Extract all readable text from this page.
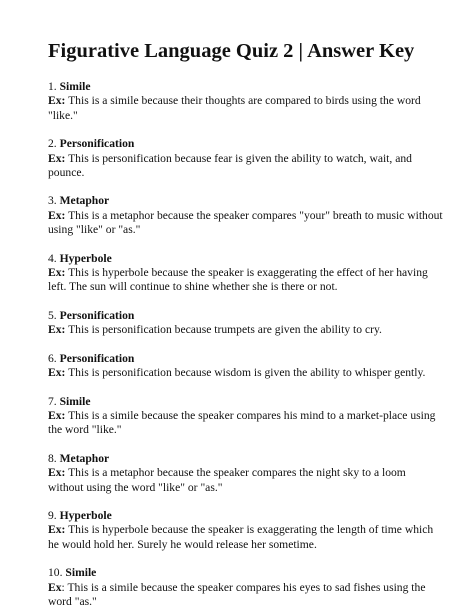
Figurative Language Quiz 2 | Answer Key
1. Simile
Ex: This is a simile because their thoughts are compared to birds using the word "like."
2. Personification
Ex: This is personification because fear is given the ability to watch, wait, and pounce.
3. Metaphor
Ex: This is a metaphor because the speaker compares "your" breath to music without using "like" or "as."
4. Hyperbole
Ex: This is hyperbole because the speaker is exaggerating the effect of her having left. The sun will continue to shine whether she is there or not.
5. Personification
Ex: This is personification because trumpets are given the ability to cry.
6. Personification
Ex: This is personification because wisdom is given the ability to whisper gently.
7. Simile
Ex: This is a simile because the speaker compares his mind to a market-place using the word "like."
8. Metaphor
Ex: This is a metaphor because the speaker compares the night sky to a loom without using the word "like" or "as."
9. Hyperbole
Ex: This is hyperbole because the speaker is exaggerating the length of time which he would hold her. Surely he would release her sometime.
10. Simile
Ex: This is a simile because the speaker compares his eyes to sad fishes using the word "as."
